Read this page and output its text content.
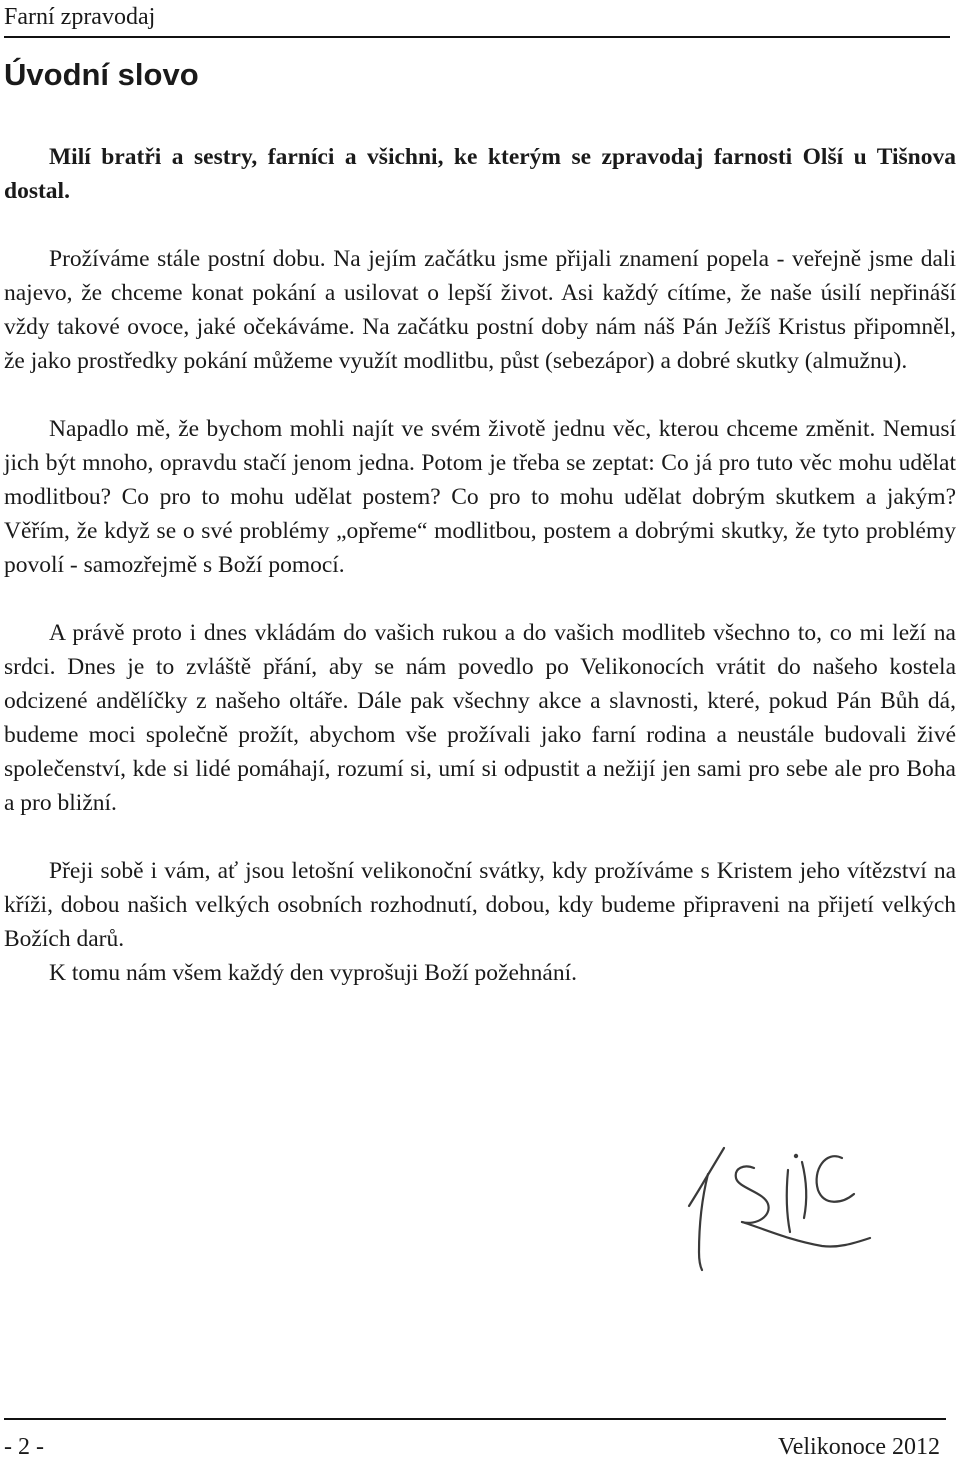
Farní zpravodaj
Úvodní slovo

Milí bratři a sestry, farníci a všichni, ke kterým se zpravodaj farnosti Olší u Tišnova dostal.

Prožíváme stále postní dobu. Na jejím začátku jsme přijali znamení popela - veřejně jsme dali najevo, že chceme konat pokání a usilovat o lepší život. Asi každý cítíme, že naše úsilí nepřináší vždy takové ovoce, jaké očekáváme. Na začátku postní doby nám náš Pán Ježíš Kristus připomněl, že jako prostředky pokání můžeme využít modlitbu, půst (sebezápor) a dobré skutky (almužnu).

Napadlo mě, že bychom mohli najít ve svém životě jednu věc, kterou chceme změnit. Nemusí jich být mnoho, opravdu stačí jenom jedna. Potom je třeba se zeptat: Co já pro tuto věc mohu udělat modlitbou? Co pro to mohu udělat postem? Co pro to mohu udělat dobrým skutkem a jakým? Věřím, že když se o své problémy „opřeme“ modlitbou, postem a dobrými skutky, že tyto problémy povolí - samozřejmě s Boží pomocí.

A právě proto i dnes vkládám do vašich rukou a do vašich modliteb všechno to, co mi leží na srdci. Dnes je to zvláště přání, aby se nám povedlo po Velikonocích vrátit do našeho kostela odcizené andělíčky z našeho oltáře. Dále pak všechny akce a slavnosti, které, pokud Pán Bůh dá, budeme moci společně prožít, abychom vše prožívali jako farní rodina a neustále budovali živé společenství, kde si lidé pomáhají, rozumí si, umí si odpustit a nežijí jen sami pro sebe ale pro Boha a pro bližní.

Přeji sobě i vám, ať jsou letošní velikonoční svátky, kdy prožíváme s Kristem jeho vítězství na kříži, dobou našich velkých osobních rozhodnutí, dobou, kdy budeme připraveni na přijetí velkých Božích darů.

K tomu nám všem každý den vyprošuji Boží požehnání.

- 2 -	Velikonoce 2012
